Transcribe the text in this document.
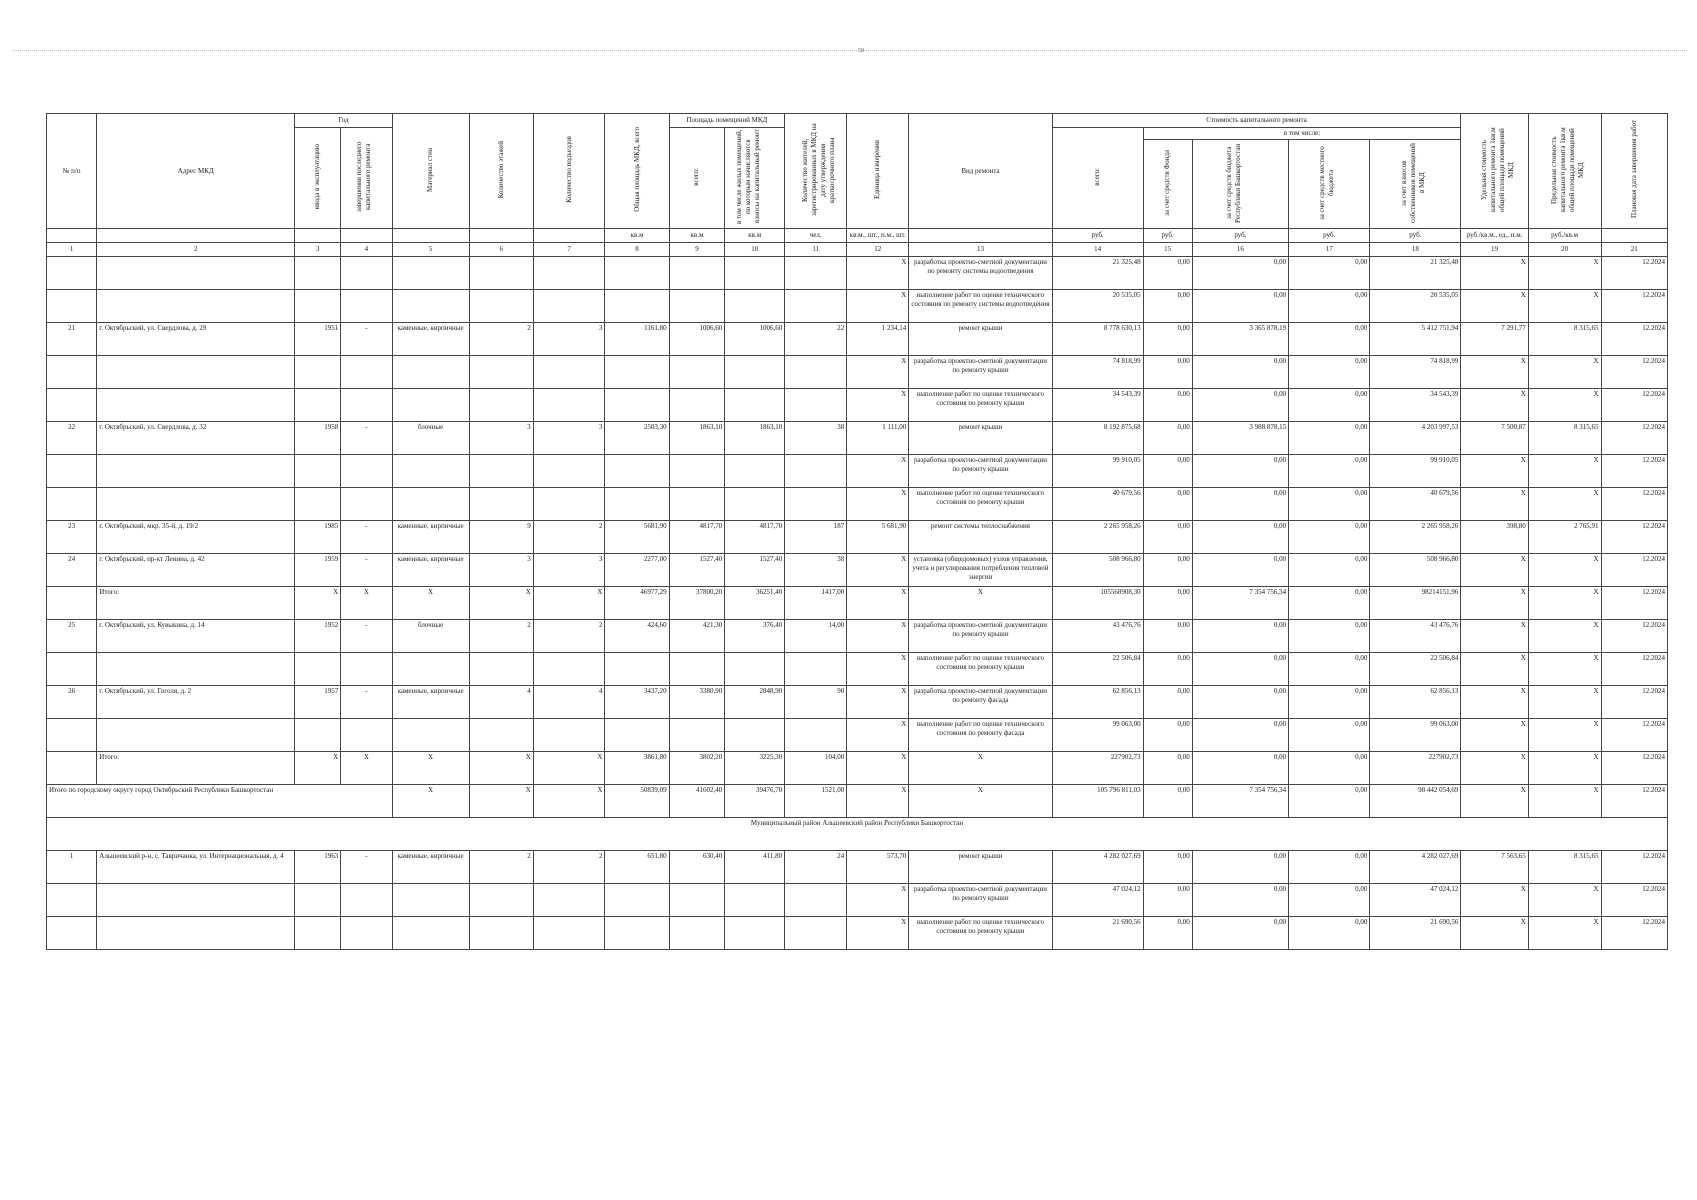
58
№ п/п	Адрес МКД	Год		Материал стен	Количество этажей	Количество подъездов	Общая площадь МКД, всего	Площадь помещений МКД		Количество жителей, зарегистрированных в МКД на дату утверждения краткосрочного плана	Единица измерения	Вид ремонта	Стоимость капитального ремонта					Удельная стоимость капитального ремонта 1кв.м общей площади помещений МКД	Предельная стоимость капитального ремонта 1кв.м общей площади помещений МКД	Плановая дата завершения работ
		ввода в эксплуатацию	завершения последнего капитального ремонта					всего:	в том числе жилых помещений, по которым начисляются взносы на капитальный ремонт				всего:	в том числе:						
														за счет средств Фонда	за счет средств бюджета Республики Башкортостан	за счет средств местного бюджета	за счет взносов собственников помещений в МКД			
							кв.м	кв.м	кв.м	чел.	кв.м., шт., п.м., шт.		руб.	руб.	руб.	руб.	руб.	руб./кв.м., ед., п.м.	руб./кв.м	
1	2	3	4	5	6	7	8	9	10	11	12	13	14	15	16	17	18	19	20	21
											X	разработка проектно-сметной документации по ремонту системы водоотведения	21 325,48	0,00	0,00	0,00	21 325,48	X	X	12.2024
											X	выполнение работ по оценке технического состояния по ремонту системы водоотведения	20 535,05	0,00	0,00	0,00	20 535,05	X	X	12.2024
21	г. Октябрьский, ул. Свердлова, д. 29	1951	-	каменные, кирпичные	2	3	1161,80	1006,60	1006,60	22	1 234,14	ремонт крыши	8 778 630,13	0,00	3 365 878,19	0,00	5 412 751,94	7 291,77	8 315,65	12.2024
											X	разработка проектно-сметной документации по ремонту крыши	74 818,99	0,00	0,00	0,00	74 818,99	X	X	12.2024
											X	выполнение работ по оценке технического состояния по ремонту крыши	34 543,39	0,00	0,00	0,00	34 543,39	X	X	12.2024
22	г. Октябрьский, ул. Свердлова, д. 32	1958	-	блочные	3	3	2503,30	1863,10	1863,10	38	1 111,00	ремонт крыши	8 192 875,68	0,00	3 988 878,15	0,00	4 203 997,53	7 500,87	8 315,65	12.2024
											X	разработка проектно-сметной документации по ремонту крыши	99 910,05	0,00	0,00	0,00	99 910,05	X	X	12.2024
											X	выполнение работ по оценке технического состояния по ремонту крыши	40 679,56	0,00	0,00	0,00	40 679,56	X	X	12.2024
23	г. Октябрьский, мкр. 35-й, д. 19/2	1985	-	каменные, кирпичные	9	2	5681,90	4817,70	4817,70	187	5 681,90	ремонт системы теплоснабжения	2 265 958,26	0,00	0,00	0,00	2 265 958,26	398,80	2 765,91	12.2024
24	г. Октябрьский, пр-кт Ленина, д. 42	1959	-	каменные, кирпичные	3	3	2277,00	1527,40	1527,40	38	X	установка (общедомовых) узлов управления, учета и регулирования потребления тепловой энергии	508 966,80	0,00	0,00	0,00	508 966,80	X	X	12.2024
	Итого:	X	X	X	X	X	46977,29	37800,20	36251,40	1417,00	X	X	105568908,30	0,00	7 354 756,34	0,00	98214151,96	X	X	12.2024
25	г. Октябрьский, ул. Кувыкина, д. 14	1952	-	блочные	2	2	424,60	421,30	376,40	14,00	X	разработка проектно-сметной документации по ремонту крыши	43 476,76	0,00	0,00	0,00	43 476,76	X	X	12.2024
											X	выполнение работ по оценке технического состояния по ремонту крыши	22 506,84	0,00	0,00	0,00	22 506,84	X	X	12.2024
26	г. Октябрьский, ул. Гоголя, д. 2	1957	-	каменные, кирпичные	4	4	3437,20	3380,90	2848,90	90	X	разработка проектно-сметной документации по ремонту фасада	62 856,13	0,00	0,00	0,00	62 856,13	X	X	12.2024
											X	выполнение работ по оценке технического состояния по ремонту фасада	99 063,00	0,00	0,00	0,00	99 063,00	X	X	12.2024
	Итого:	X	X	X	X	X	3861,80	3802,20	3225,30	104,00	X	X	227902,73	0,00	0,00	0,00	227902,73	X	X	12.2024
Итого по городскому округу город Октябрьский Республики Башкортостан				X	X	X	50839,09	41602,40	39476,70	1521,00	X	X	105 796 811,03	0,00	7 354 756,34	0,00	98 442 054,69	X	X	12.2024
Муниципальный район Альшеевский район Республики Башкортостан																				
1	Альшеевский р-н, с. Тавричанка, ул. Интернациональная, д. 4	1963	-	каменные, кирпичные	2	2	651,80	630,40	411,80	24	573,70	ремонт крыши	4 282 027,69	0,00	0,00	0,00	4 282 027,69	7 563,65	8 315,65	12.2024
											X	разработка проектно-сметной документации по ремонту крыши	47 024,12	0,00	0,00	0,00	47 024,12	X	X	12.2024
											X	выполнение работ по оценке технического состояния по ремонту крыши	21 690,56	0,00	0,00	0,00	21 690,56	X	X	12.2024
